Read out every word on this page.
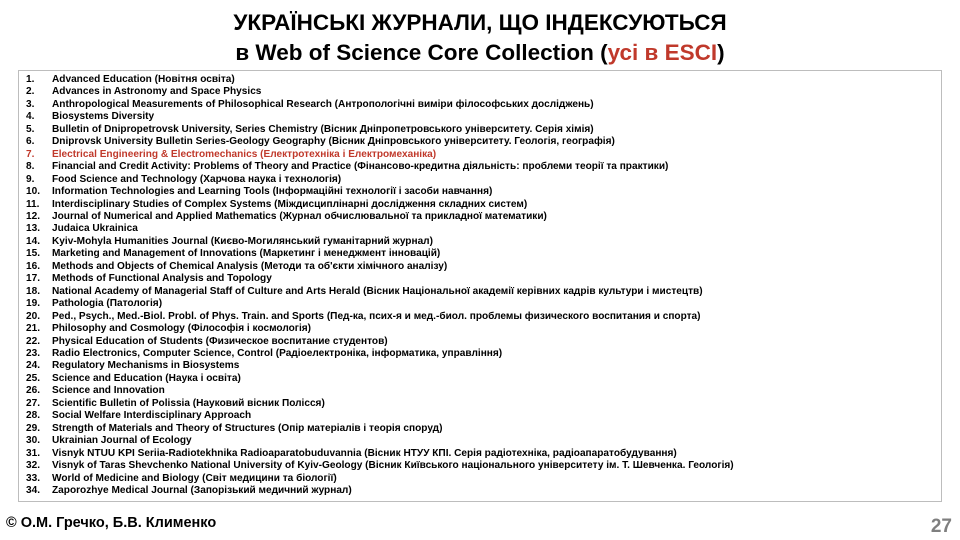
УКРАЇНСЬКІ ЖУРНАЛИ, ЩО ІНДЕКСУЮТЬСЯ
в Web of Science Core Collection (усі в ESCI)
1.	Advanced Education (Новітня освіта)
2.	Advances in Astronomy and Space Physics
3.	Anthropological Measurements of Philosophical Research (Антропологічні виміри філософських досліджень)
4.	Biosystems Diversity
5.	Bulletin of Dnipropetrovsk University, Series Chemistry (Вісник Дніпропетровського університету. Серія хімія)
6.	Dniprovsk University Bulletin Series-Geology Geography (Вісник Дніпровського університету. Геологія, географія)
7.	Electrical Engineering & Electromechanics (Електротехніка і Електромеханіка)
8.	Financial and Credit Activity: Problems of Theory and Practice (Фінансово-кредитна діяльність: проблеми теорії та практики)
9.	Food Science and Technology (Харчова наука і технологія)
10.	Information Technologies and Learning Tools (Інформаційні технології і засоби навчання)
11.	Interdisciplinary Studies of Complex Systems (Міждисциплінарні дослідження складних систем)
12.	Journal of Numerical and Applied Mathematics (Журнал обчислювальної та прикладної математики)
13.	Judaica Ukrainica
14.	Kyiv-Mohyla Humanities Journal (Києво-Могилянський гуманітарний журнал)
15.	Marketing and Management of Innovations (Маркетинг і менеджмент інновацій)
16.	Methods and Objects of Chemical Analysis (Методи та об'єкти хімічного аналізу)
17.	Methods of Functional Analysis and Topology
18.	National Academy of Managerial Staff of Culture and Arts Herald (Вісник Національної академії керівних кадрів культури і мистецтв)
19.	Pathologia (Патологія)
20.	Ped., Psych., Med.-Biol. Probl. of Phys. Train. and Sports (Пед-ка, псих-я и мед.-биол. проблемы физического воспитания и спорта)
21.	Philosophy and Cosmology (Філософія і космологія)
22.	Physical Education of Students (Физическое воспитание студентов)
23.	Radio Electronics, Computer Science, Control (Радіоелектроніка, інформатика, управління)
24.	Regulatory Mechanisms in Biosystems
25.	Science and Education (Наука і освіта)
26.	Science and Innovation
27.	Scientific Bulletin of Polissia (Науковий вісник Полісся)
28.	Social Welfare Interdisciplinary Approach
29.	Strength of Materials and Theory of Structures (Опір матеріалів і теорія споруд)
30.	Ukrainian Journal of Ecology
31.	Visnyk NTUU KPI Seriia-Radiotekhnika Radioaparatobuduvannia (Вісник НТУУ КПІ. Серія радіотехніка, радіоапаратобудування)
32.	Visnyk of Taras Shevchenko National University of Kyiv-Geology (Вісник Київського національного університету ім. Т. Шевченка. Геологія)
33.	World of Medicine and Biology (Світ медицини та біології)
34.	Zaporozhye Medical Journal (Запорізький медичний журнал)
© О.М. Гречко, Б.В. Клименко	27
